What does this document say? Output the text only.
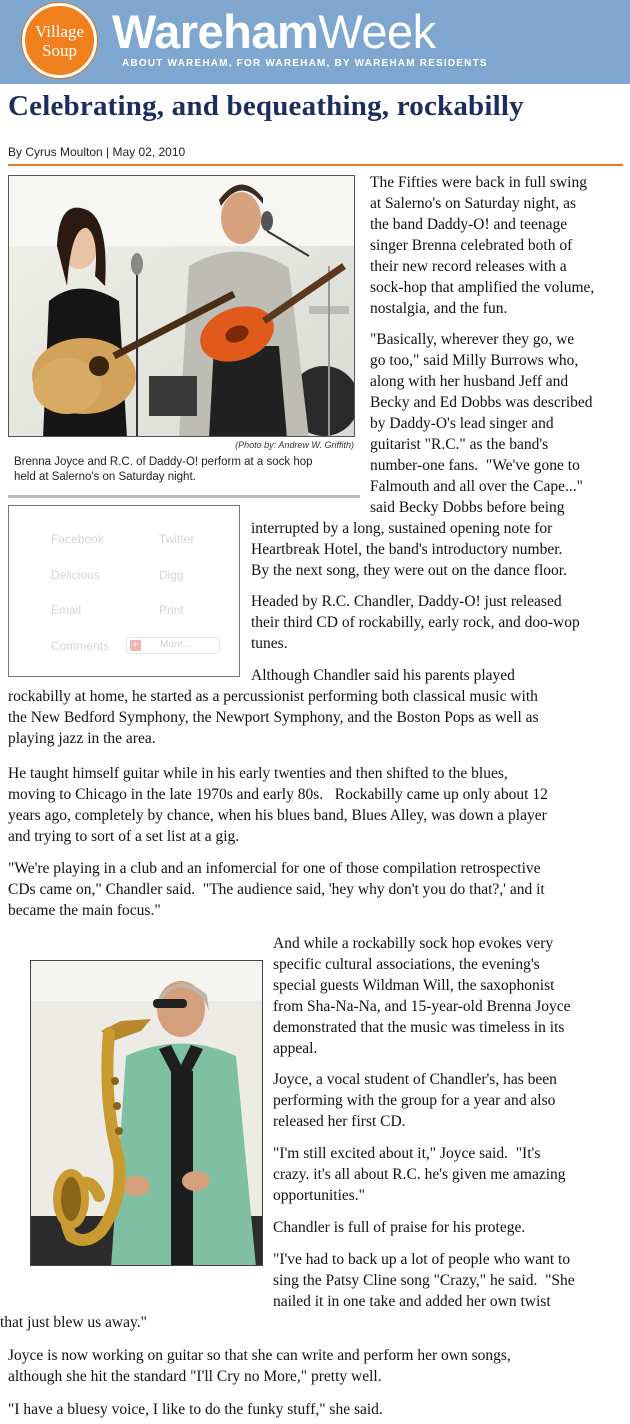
Village
Soup WarehamWeek
ABOUT WAREHAM, FOR WAREHAM, BY WAREHAM RESIDENTS
Celebrating, and bequeathing, rockabilly
By Cyrus Moulton | May 02, 2010
(Photo by: Andrew W. Griffith)
Brenna Joyce and R.C. of Daddy-O! perform at a sock hop
held at Salerno's on Saturday night.
Facebook	Twitter
Delicious	Digg
Email	Print
Comments + More...
The Fifties were back in full swing
at Salerno's on Saturday night, as
the band Daddy-O! and teenage
singer Brenna celebrated both of
their new record releases with a
sock-hop that amplified the volume,
nostalgia, and the fun.
"Basically, wherever they go, we
go too," said Milly Burrows who,
along with her husband Jeff and
Becky and Ed Dobbs was described
by Daddy-O's lead singer and
guitarist "R.C." as the band's
number-one fans.  "We've gone to
Falmouth and all over the Cape..."
said Becky Dobbs before being
interrupted by a long, sustained opening note for
Heartbreak Hotel, the band's introductory number.
By the next song, they were out on the dance floor.
Headed by R.C. Chandler, Daddy-O! just released
their third CD of rockabilly, early rock, and doo-wop
tunes.
Although Chandler said his parents played
rockabilly at home, he started as a percussionist performing both classical music with
the New Bedford Symphony, the Newport Symphony, and the Boston Pops as well as
playing jazz in the area.
He taught himself guitar while in his early twenties and then shifted to the blues,
moving to Chicago in the late 1970s and early 80s.   Rockabilly came up only about 12
years ago, completely by chance, when his blues band, Blues Alley, was down a player
and trying to sort of a set list at a gig.
"We're playing in a club and an infomercial for one of those compilation retrospective
CDs came on," Chandler said.  "The audience said, 'hey why don't you do that?,' and it
became the main focus."
And while a rockabilly sock hop evokes very
specific cultural associations, the evening's
special guests Wildman Will, the saxophonist
from Sha-Na-Na, and 15-year-old Brenna Joyce
demonstrated that the music was timeless in its
appeal.
Joyce, a vocal student of Chandler's, has been
performing with the group for a year and also
released her first CD.
"I'm still excited about it," Joyce said.  "It's
crazy. it's all about R.C. he's given me amazing
opportunities."
Chandler is full of praise for his protege.
"I've had to back up a lot of people who want to
sing the Patsy Cline song "Crazy," he said.  "She
nailed it in one take and added her own twist
that just blew us away."
Joyce is now working on guitar so that she can write and perform her own songs,
although she hit the standard "I'll Cry no More," pretty well.
"I have a bluesy voice, I like to do the funky stuff," she said.
